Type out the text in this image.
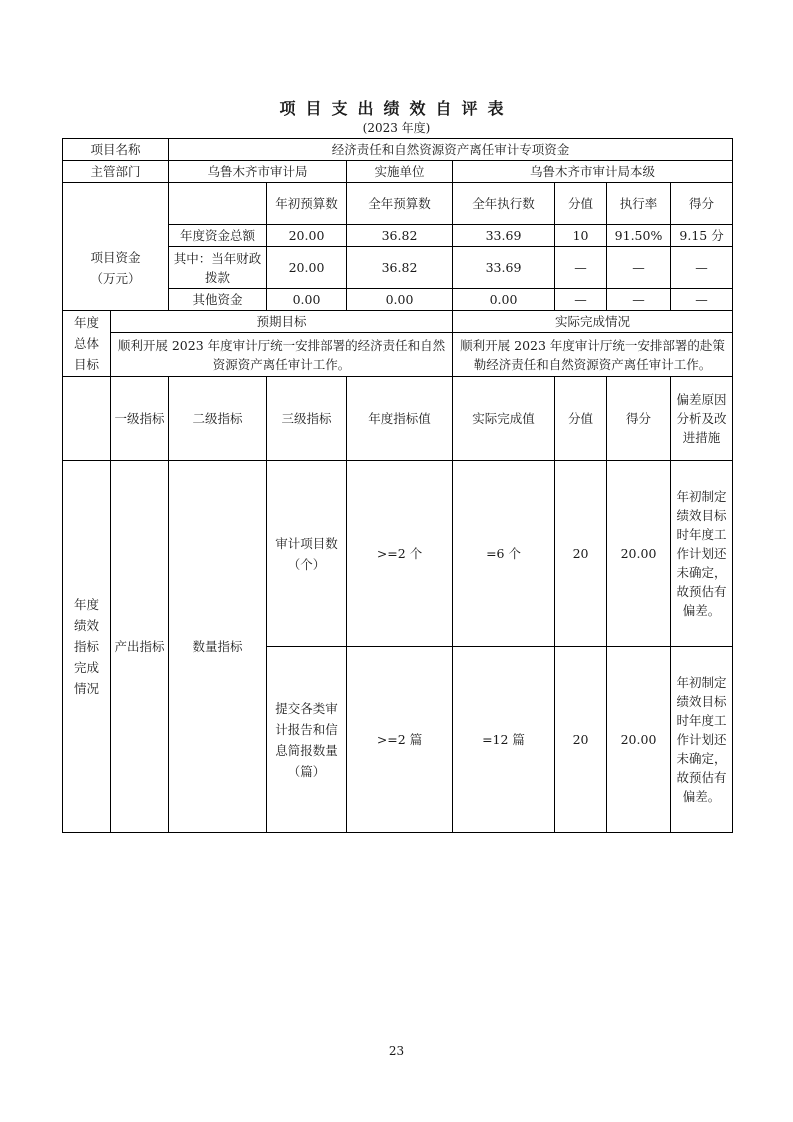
项目支出绩效自评表
(2023 年度)
项目名称		经济责任和自然资源资产离任审计专项资金						
主管部门		乌鲁木齐市审计局		实施单位	乌鲁木齐市审计局本级			
项目资金
（万元）			年初预算数	全年预算数	全年执行数	分值	执行率	得分
		年度资金总额	20.00	36.82	33.69	10	91.50%	9.15 分
		其中：当年财政拨款	20.00	36.82	33.69	—	—	—
		其他资金	0.00	0.00	0.00	—	—	—
年度
总体
目标	预期目标				实际完成情况			
	顺利开展 2023 年度审计厅统一安排部署的经济责任和自然资源资产离任审计工作。				顺利开展 2023 年度审计厅统一安排部署的赴策勒经济责任和自然资源资产离任审计工作。			
	一级指标	二级指标	三级指标	年度指标值	实际完成值	分值	得分	偏差原因分析及改进措施
年度
绩效
指标
完成
情况	产出指标	数量指标	审计项目数（个）	>=2 个	=6 个	20	20.00	年初制定绩效目标时年度工作计划还未确定，故预估有偏差。
			提交各类审计报告和信息简报数量（篇）	>=2 篇	=12 篇	20	20.00	年初制定绩效目标时年度工作计划还未确定，故预估有偏差。
23
